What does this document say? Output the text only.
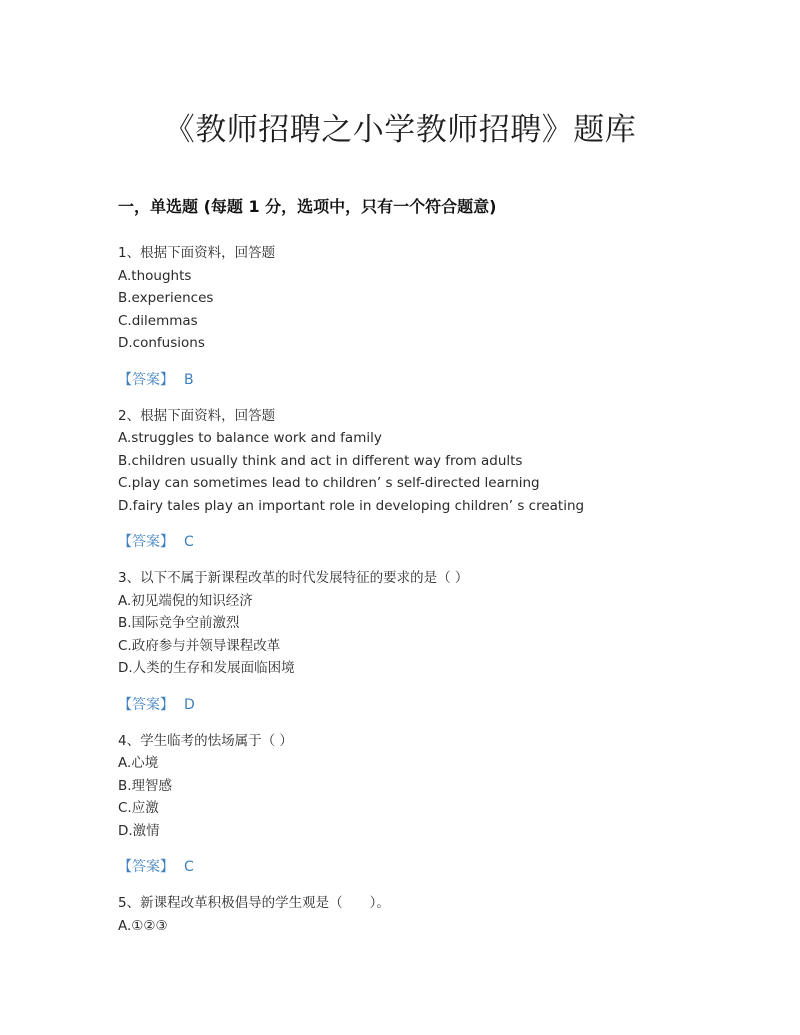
《教师招聘之小学教师招聘》题库
一，单选题 (每题 1 分，选项中，只有一个符合题意)
1、根据下面资料，回答题
A.thoughts
B.experiences
C.dilemmas
D.confusions
【答案】 B
2、根据下面资料，回答题
A.struggles to balance work and family
B.children usually think and act in different way from adults
C.play can sometimes lead to children’ s self-directed learning
D.fairy tales play an important role in developing children’ s creating
【答案】 C
3、以下不属于新课程改革的时代发展特征的要求的是（ ）
A.初见端倪的知识经济
B.国际竞争空前激烈
C.政府参与并领导课程改革
D.人类的生存和发展面临困境
【答案】 D
4、学生临考的怯场属于（ ）
A.心境
B.理智感
C.应激
D.激情
【答案】 C
5、新课程改革积极倡导的学生观是（　　）。
A.①②③
